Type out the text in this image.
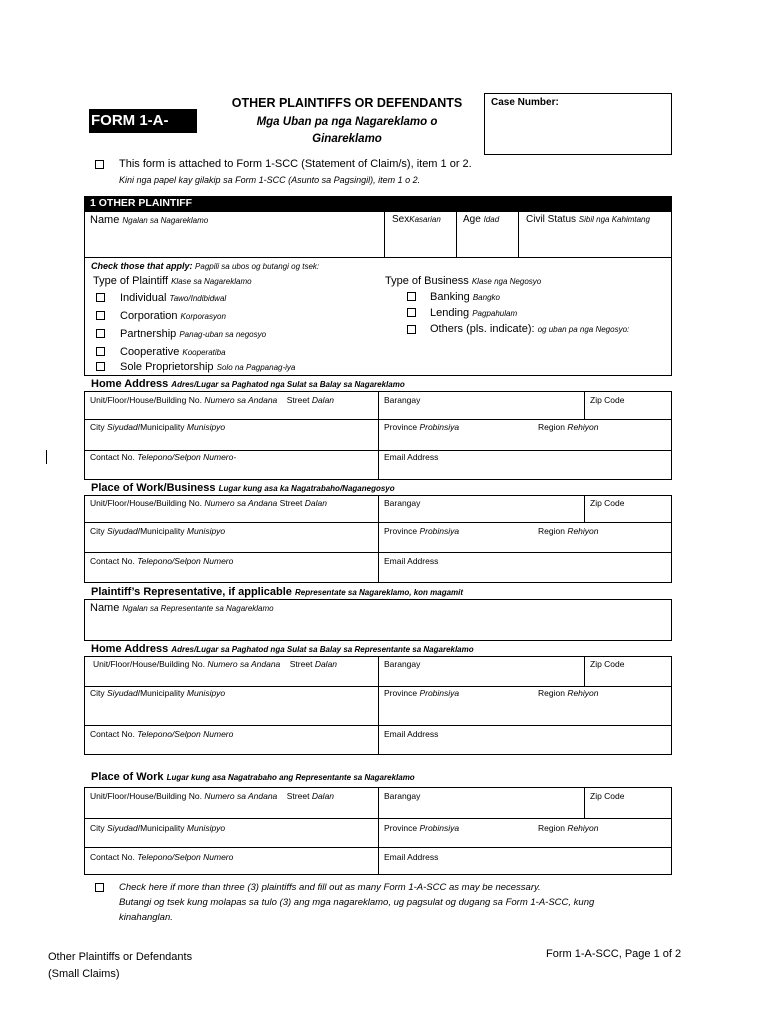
FORM 1-A-SCC
OTHER PLAINTIFFS OR DEFENDANTS
Mga Uban pa nga Nagareklamo o
Ginareklamo
Case Number:
This form is attached to Form 1-SCC (Statement of Claim/s), item 1 or 2.
Kini nga papel kay gilakip sa Form 1-SCC (Asunto sa Pagsingil), item 1 o 2.
1 OTHER PLAINTIFF
Name Ngalan sa Nagareklamo	SexKasarian Age Idad	Civil Status Sibil nga Kahimtang
Check those that apply: Pagpili sa ubos og butangi og tsek:
Type of Plaintiff Klase sa Nagareklamo	Type of Business Klase nga Negosyo
Individual Tawo/Indibidwal
Corporation Korporasyon
Partnership Panag-uban sa negosyo
Cooperative Kooperatiba
Sole Proprietorship Solo na Pagpanag-iya
Banking Bangko
Lending Pagpahulam
Others (pls. indicate): og uban pa nga Negosyo:
Home Address Adres/Lugar sa Paghatod nga Sulat sa Balay sa Nagareklamo
Unit/Floor/House/Building No. Numero sa Andana Street Dalan	Barangay	Zip Code
City Siyudad/Municipality Munisipyo	Province Probinsiya	Region Rehiyon
Contact No. Telepono/Selpon Numero-	Email Address
Place of Work/Business Lugar kung asa ka Nagatrabaho/Naganegosyo
Unit/Floor/House/Building No. Numero sa Andana Street Dalan	Barangay	Zip Code
City Siyudad/Municipality Munisipyo	Province Probinsiya	Region Rehiyon
Contact No. Telepono/Selpon Numero	Email Address
Plaintiff’s Representative, if applicable Representate sa Nagareklamo, kon magamit
Name Ngalan sa Representante sa Nagareklamo
Home Address Adres/Lugar sa Paghatod nga Sulat sa Balay sa Representante sa Nagareklamo
Unit/Floor/House/Building No. Numero sa Andana Street Dalan	Barangay	Zip Code
City Siyudad/Municipality Munisipyo	Province Probinsiya	Region Rehiyon
Contact No. Telepono/Selpon Numero	Email Address
Place of Work Lugar kung asa Nagatrabaho ang Representante sa Nagareklamo
Unit/Floor/House/Building No. Numero sa Andana Street Dalan	Barangay	Zip Code
City Siyudad/Municipality Munisipyo	Province Probinsiya	Region Rehiyon
Contact No. Telepono/Selpon Numero	Email Address
Check here if more than three (3) plaintiffs and fill out as many Form 1-A-SCC as may be necessary.
Butangi og tsek kung molapas sa tulo (3) ang mga nagareklamo, ug pagsulat og dugang sa Form 1-A-SCC, kung
kinahanglan.
Other Plaintiffs or Defendants
(Small Claims)
Form 1-A-SCC, Page 1 of 2
